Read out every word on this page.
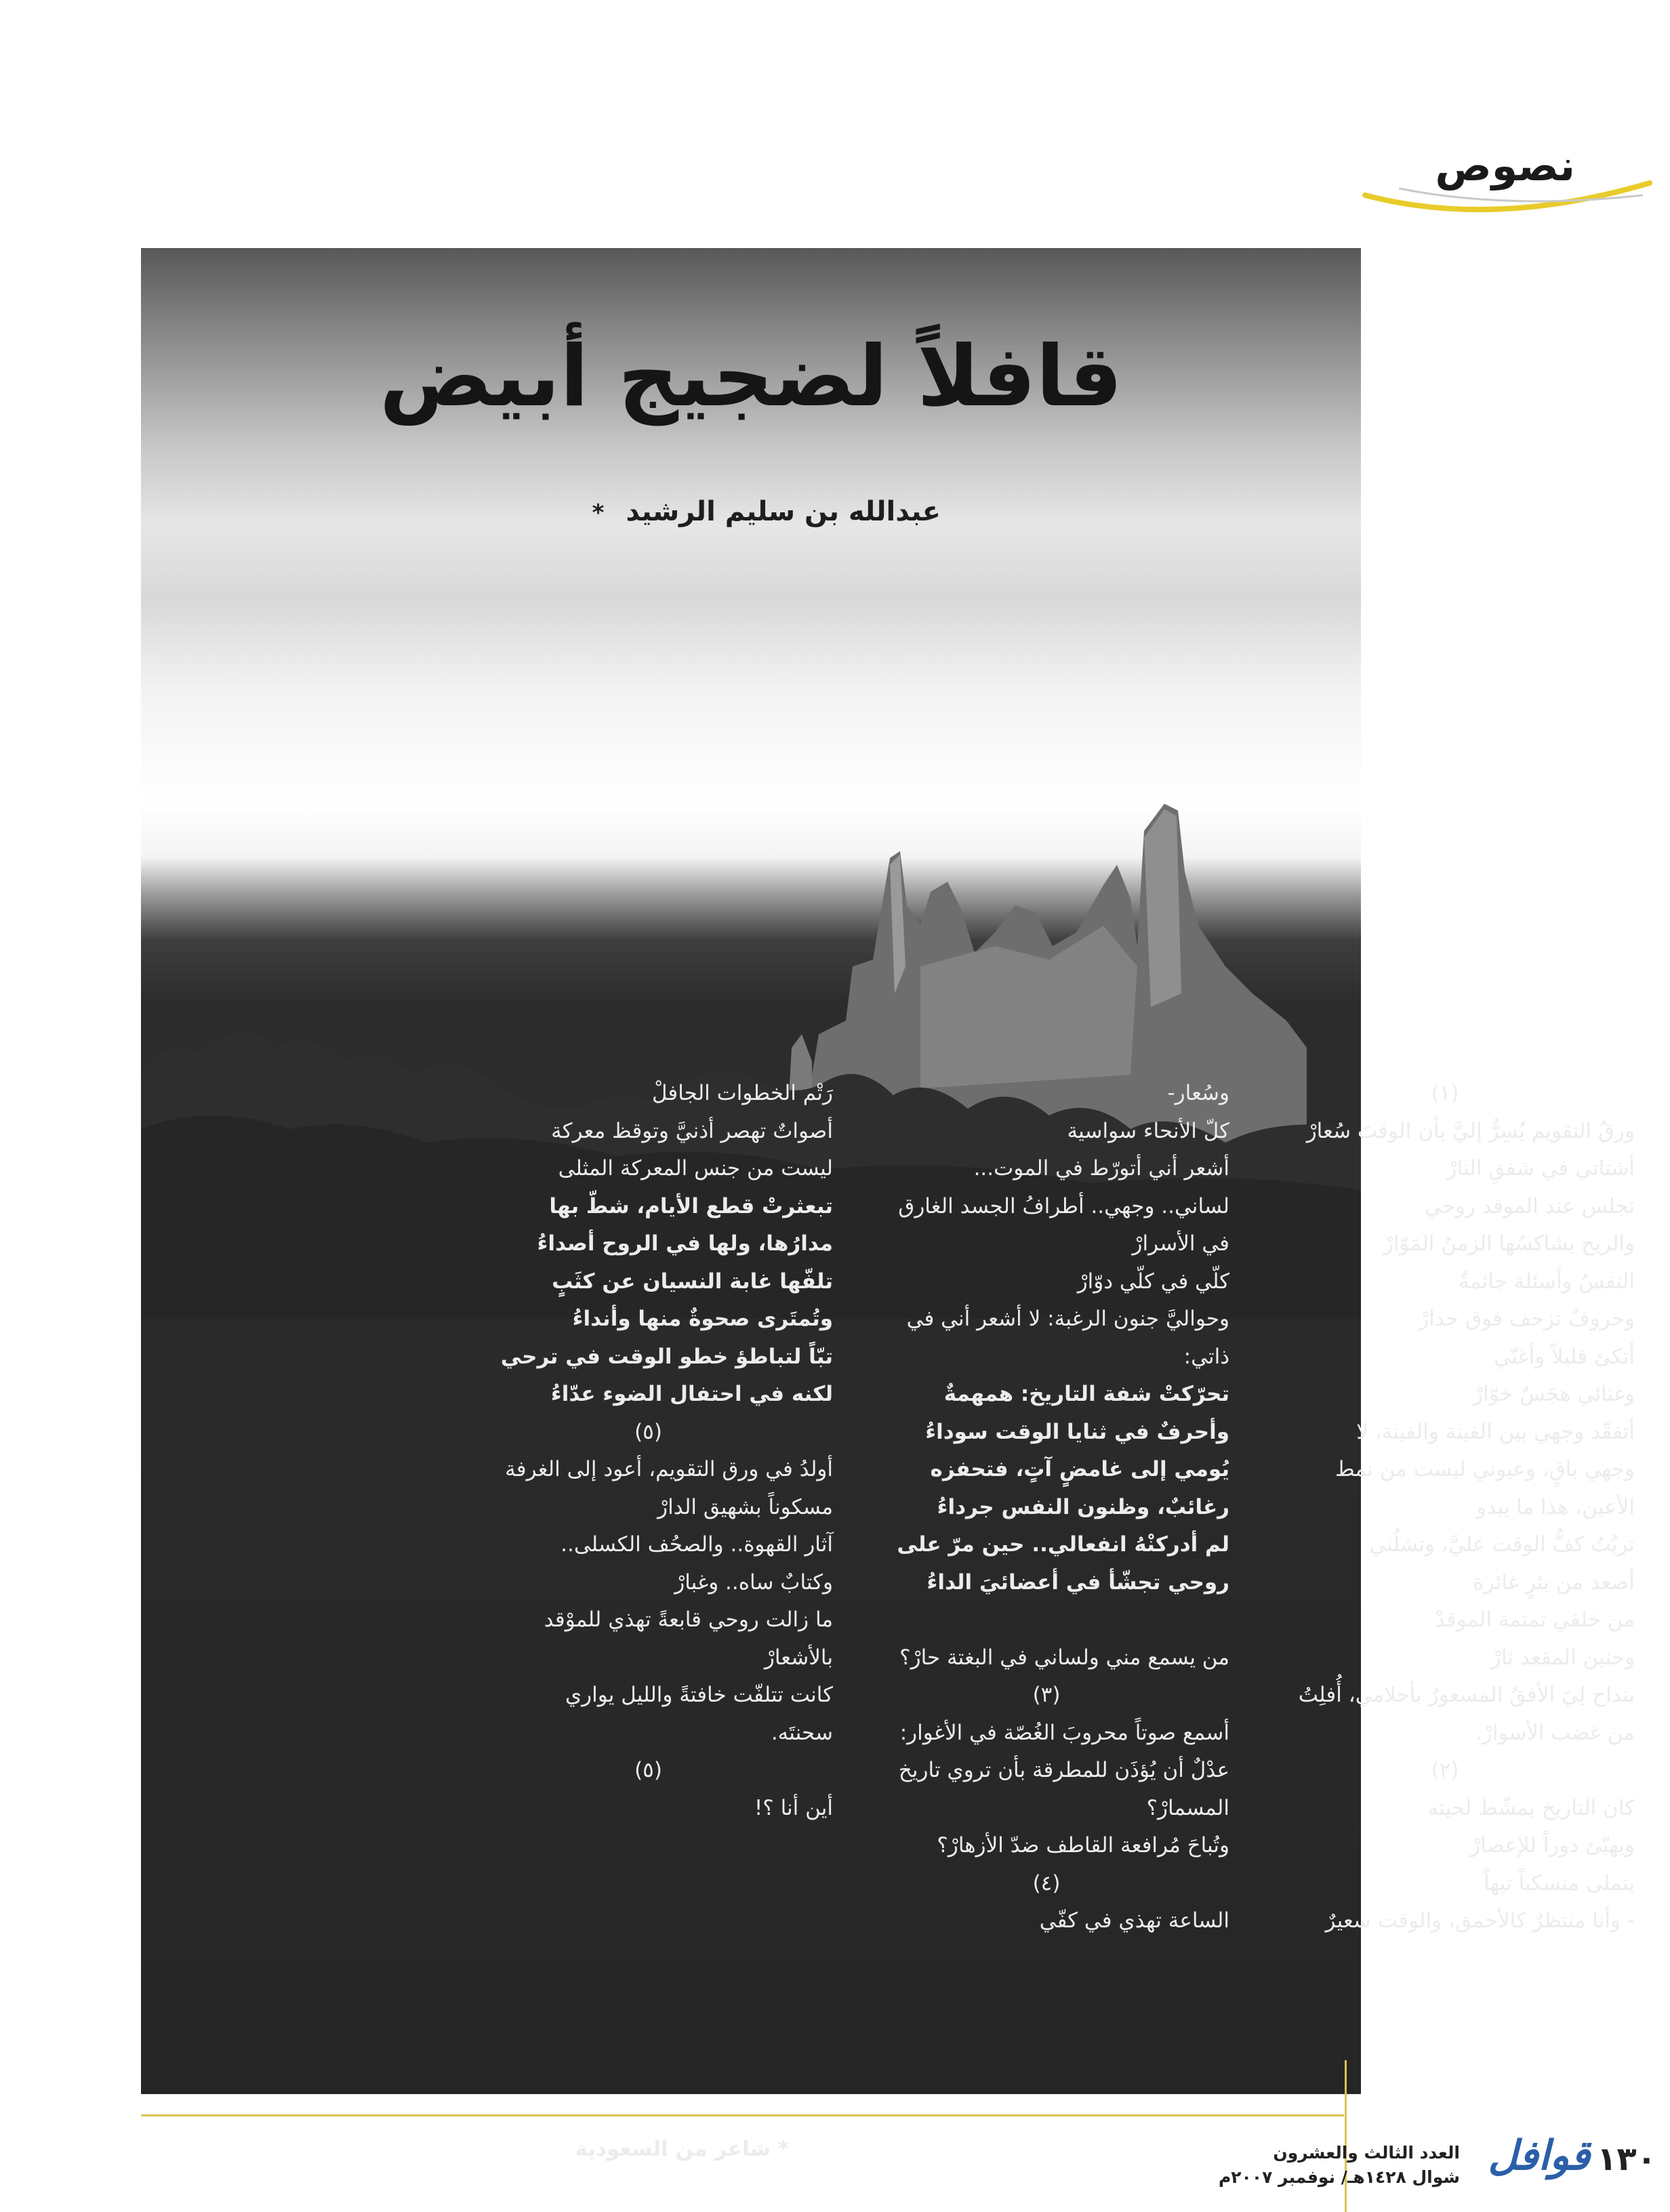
نصوص
قافلاً لضجيج أبيض
عبدالله بن سليم الرشيد *
(١)
ورقُ التقويم يُسِرُّ إليَّ بأن الوقتَ سُعارْ
أشتاتي في شفقِ النارْ
تجلس عند الموقد روحي
والريح يشاكسُها الزمنُ المَوّارْ
النفسُ وأسئلة جاثمةٌ
وحروفٌ تزحف فوق جدارْ
أتكئ قليلاً وأغنّي
وغنائي هجَسٌ خوّارْ
أتفقّد وجهي بين الفينة والفينة، لا
وجهي باقٍ، وعيوني ليست من نمط
الأعين، هذا ما يبدو
تربُتُ كفُّ الوقت عليَّ، وتشلُني
أصعد من بئرٍ غائرة
من خلفي تمتمة الموقدْ
وحنين المقعد ثارْ
ينداح لِيَ الأفقُ المسعورُ بأحلامي، أُفلِتُ
من غضب الأسوارْ.
(٢)
كان التاريخ يمشّط لحيته
ويهيّئ دوراً للإعصارْ
يتملى منسكباً تيهاً
- وأنا منتظرٌ كالأحمق، والوقت سعيرٌ
وسُعار-
كلّ الأنحاء سواسية
أشعر أني أتورّط في الموت...
لساني.. وجهي.. أطرافُ الجسد الغارق
في الأسرارْ
كلّي في كلّي دوّارْ
وحواليَّ جنون الرغبة: لا أشعر أني في
ذاتي:
تحرّكتْ شفة التاريخ: همهمةٌ
وأحرفٌ في ثنايا الوقت سوداءُ
يُومي إلى غامضٍ آتٍ، فتحفزه
رغائبٌ، وظنون النفس جرداءُ
لم أدركنْهُ انفعالي.. حين مرّ على
روحي تجشّأ في أعضائيَ الداءُ
من يسمع مني ولساني في البغتة حارْ؟
(٣)
أسمع صوتاً محروبَ الغُصّة في الأغوار:
عدْلٌ أن يُؤذَن للمطرقة بأن تروي تاريخ
المسمارْ؟
وتُباحَ مُرافعة القاطف ضدّ الأزهارْ؟
(٤)
الساعة تهذي في كفّي
رَتْم الخطوات الجافلْ
أصواتٌ تهصر أذنيَّ وتوقظ معركة
ليست من جنس المعركة المثلى
تبعثرتْ قطع الأيام، شطّ بها
مدارُها، ولها في الروح أصداءُ
تلفّها غابة النسيان عن كثَبٍ
وتُمتَرى صحوةٌ منها وأنداءُ
تبّاً لتباطؤ خطو الوقت في ترحي
لكنه في احتفال الضوء عدّاءُ
(٥)
أولدُ في ورق التقويم، أعود إلى الغرفة
مسكوناً بشهيق الدارْ
آثار القهوة.. والصحُف الكسلى..
وكتابٌ ساه.. وغبارْ
ما زالت روحي قابعةً تهذي للموْقد
بالأشعارْ
كانت تتلفّت خافتةً والليل يواري
سحنتَه.
(٥)
أين أنا ؟!
* شاعر من السعودية	١٣٠
قوافل
العدد الثالث والعشرون
شوال ١٤٢٨هـ/ نوفمبر ٢٠٠٧م
